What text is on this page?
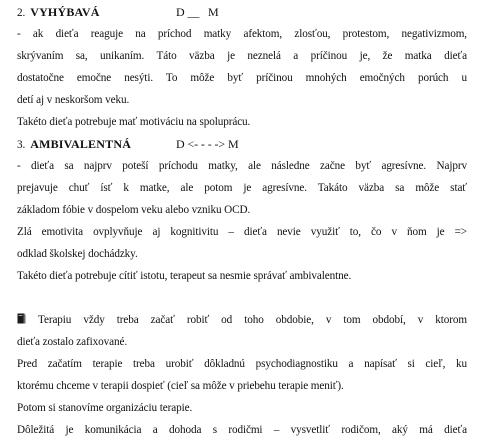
2. VYHÝBAVÁ	D __   M
- ak dieťa reaguje na príchod matky afektom, zlosťou, protestom, negativizmom,
skrývaním sa, unikaním. Táto väzba je neznelá a príčinou je, že matka dieťa
dostatočne emočne nesýti. To môže byť príčinou mnohých emočných porúch u
detí aj v neskoršom veku.
Takéto dieťa potrebuje mať motiváciu na spoluprácu.
3. AMBIVALENTNÁ	D <- - - -> M
- dieťa sa najprv poteší príchodu matky, ale následne začne byť agresívne. Najprv
prejavuje chuť ísť k matke, ale potom je agresívne. Takáto väzba sa môže stať
základom fóbie v dospelom veku alebo vzniku OCD.
Zlá emotivita ovplyvňuje aj kognitivitu – dieťa nevie využiť to, čo v ňom je =>
odklad školskej dochádzky.
Takéto dieťa potrebuje cítiť istotu, terapeut sa nesmie správať ambivalentne.
Terapiu vždy treba začať robiť od toho obdobie, v tom období, v ktorom
dieťa zostalo zafixované.
Pred začatím terapie treba urobiť dôkladnú psychodiagnostiku a napísať si cieľ, ku
ktorému chceme v terapii dospieť (cieľ sa môže v priebehu terapie meniť).
Potom si stanovíme organizáciu terapie.
Dôležitá je komunikácia a dohoda s rodičmi – vysvetliť rodičom, aký má dieťa
